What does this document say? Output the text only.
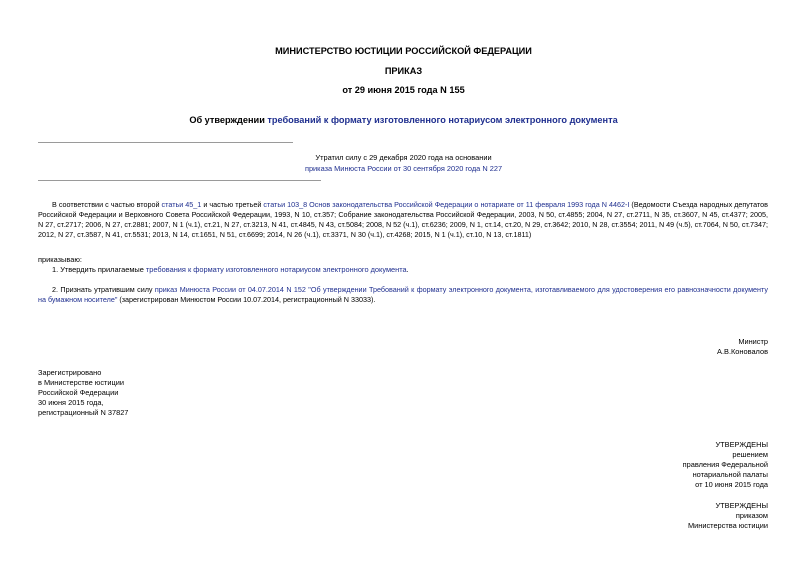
МИНИСТЕРСТВО ЮСТИЦИИ РОССИЙСКОЙ ФЕДЕРАЦИИ
ПРИКАЗ
от 29 июня 2015 года N 155
Об утверждении требований к формату изготовленного нотариусом электронного документа
Утратил силу с 29 декабря 2020 года на основании
приказа Минюста России от 30 сентября 2020 года N 227
В соответствии с частью второй статьи 45_1 и частью третьей статьи 103_8 Основ законодательства Российской Федерации о нотариате от 11 февраля 1993 года N 4462-I (Ведомости Съезда народных депутатов Российской Федерации и Верховного Совета Российской Федерации, 1993, N 10, ст.357; Собрание законодательства Российской Федерации, 2003, N 50, ст.4855; 2004, N 27, ст.2711, N 35, ст.3607, N 45, ст.4377; 2005, N 27, ст.2717; 2006, N 27, ст.2881; 2007, N 1 (ч.1), ст.21, N 27, ст.3213, N 41, ст.4845, N 43, ст.5084; 2008, N 52 (ч.1), ст.6236; 2009, N 1, ст.14, ст.20, N 29, ст.3642; 2010, N 28, ст.3554; 2011, N 49 (ч.5), ст.7064, N 50, ст.7347; 2012, N 27, ст.3587, N 41, ст.5531; 2013, N 14, ст.1651, N 51, ст.6699; 2014, N 26 (ч.1), ст.3371, N 30 (ч.1), ст.4268; 2015, N 1 (ч.1), ст.10, N 13, ст.1811)
приказываю:
1. Утвердить прилагаемые требования к формату изготовленного нотариусом электронного документа.
2. Признать утратившим силу приказ Минюста России от 04.07.2014 N 152 "Об утверждении Требований к формату электронного документа, изготавливаемого для удостоверения его равнозначности документу на бумажном носителе" (зарегистрирован Минюстом России 10.07.2014, регистрационный N 33033).
Министр
А.В.Коновалов
Зарегистрировано
в Министерстве юстиции
Российской Федерации
30 июня 2015 года,
регистрационный N 37827
УТВЕРЖДЕНЫ
решением
правления Федеральной
нотариальной палаты
от 10 июня 2015 года
УТВЕРЖДЕНЫ
приказом
Министерства юстиции
